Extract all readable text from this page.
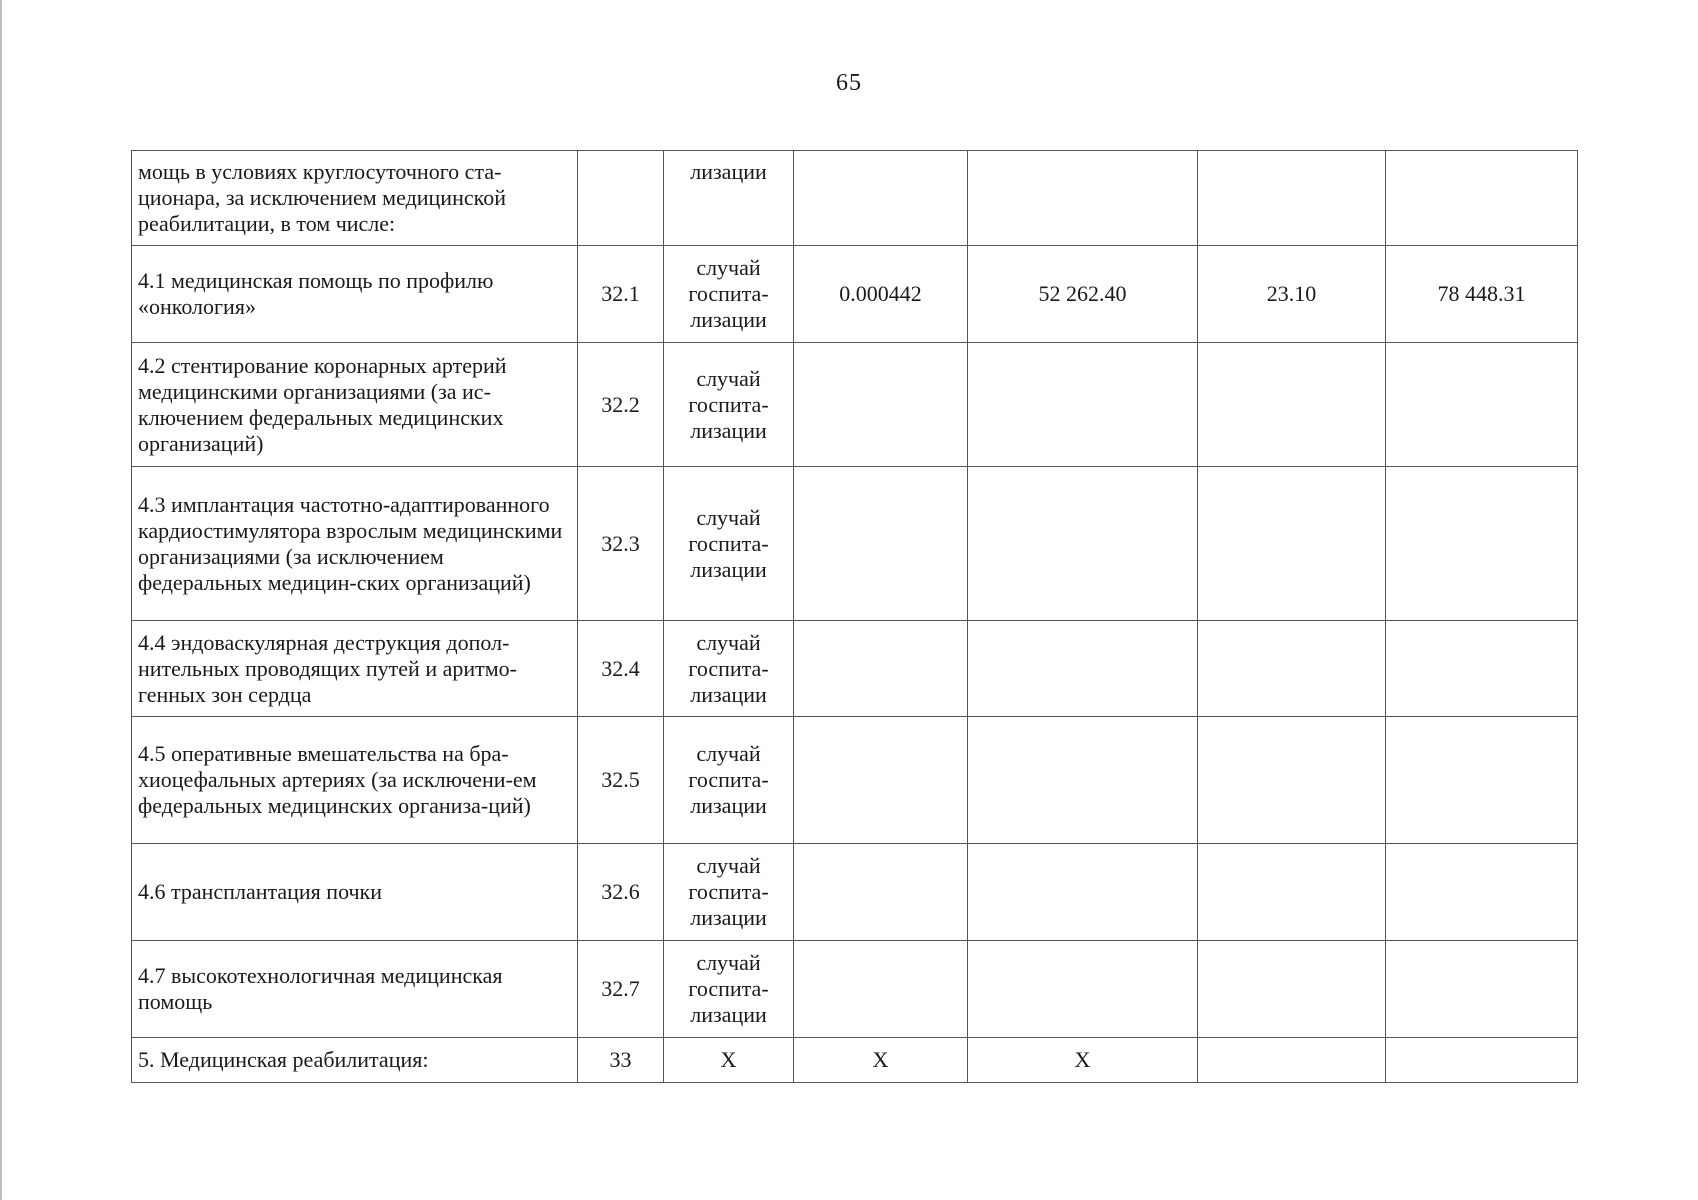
65
мощь в условиях круглосуточного ста-ционара, за исключением медицинской реабилитации, в том числе:		лизации				
4.1 медицинская помощь по профилю «онкология»	32.1	случай госпита-лизации	0.000442	52 262.40	23.10	78 448.31
4.2 стентирование коронарных артерий медицинскими организациями (за ис-ключением федеральных медицинских организаций)	32.2	случай госпита-лизации				
4.3 имплантация частотно-адаптированного кардиостимулятора взрослым медицинскими организациями (за исключением федеральных медицин-ских организаций)	32.3	случай госпита-лизации				
4.4 эндоваскулярная деструкция допол-нительных проводящих путей и аритмо-генных зон сердца	32.4	случай госпита-лизации				
4.5 оперативные вмешательства на бра-хиоцефальных артериях (за исключени-ем федеральных медицинских организа-ций)	32.5	случай госпита-лизации				
4.6 трансплантация почки	32.6	случай госпита-лизации				
4.7 высокотехнологичная медицинская помощь	32.7	случай госпита-лизации				
5. Медицинская реабилитация:	33	Х	Х	Х		
